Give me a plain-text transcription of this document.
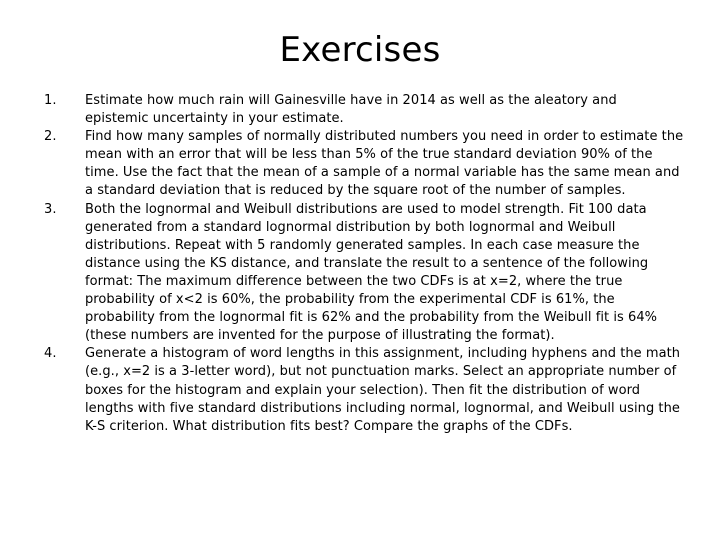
Exercises
1.	Estimate how much rain will Gainesville have in 2014 as well as the aleatory and epistemic uncertainty in your estimate.
2.	Find how many samples of normally distributed numbers you need in order to estimate the mean with an error that will be less than 5% of the true standard deviation 90% of the time. Use the fact that the mean of a sample of a normal variable has the same mean and a standard deviation that is reduced by the square root of the number of samples.
3.	Both the lognormal and Weibull distributions are used to model strength. Fit 100 data generated from a standard lognormal distribution by both lognormal and Weibull distributions. Repeat with 5 randomly generated samples. In each case measure the distance using the KS distance, and translate the result to a sentence of the following format: The maximum difference between the two CDFs is at x=2, where the true probability of x<2 is 60%, the probability from the experimental CDF is 61%, the probability from the lognormal fit is 62% and the probability from the Weibull fit is 64% (these numbers are invented for the purpose of illustrating the format).
4.	Generate a histogram of word lengths in this assignment, including hyphens and the math (e.g., x=2 is a 3-letter word), but not punctuation marks. Select an appropriate number of boxes for the histogram and explain your selection). Then fit the distribution of word lengths with five standard distributions including normal, lognormal, and Weibull using the K-S criterion. What distribution fits best? Compare the graphs of the CDFs.
